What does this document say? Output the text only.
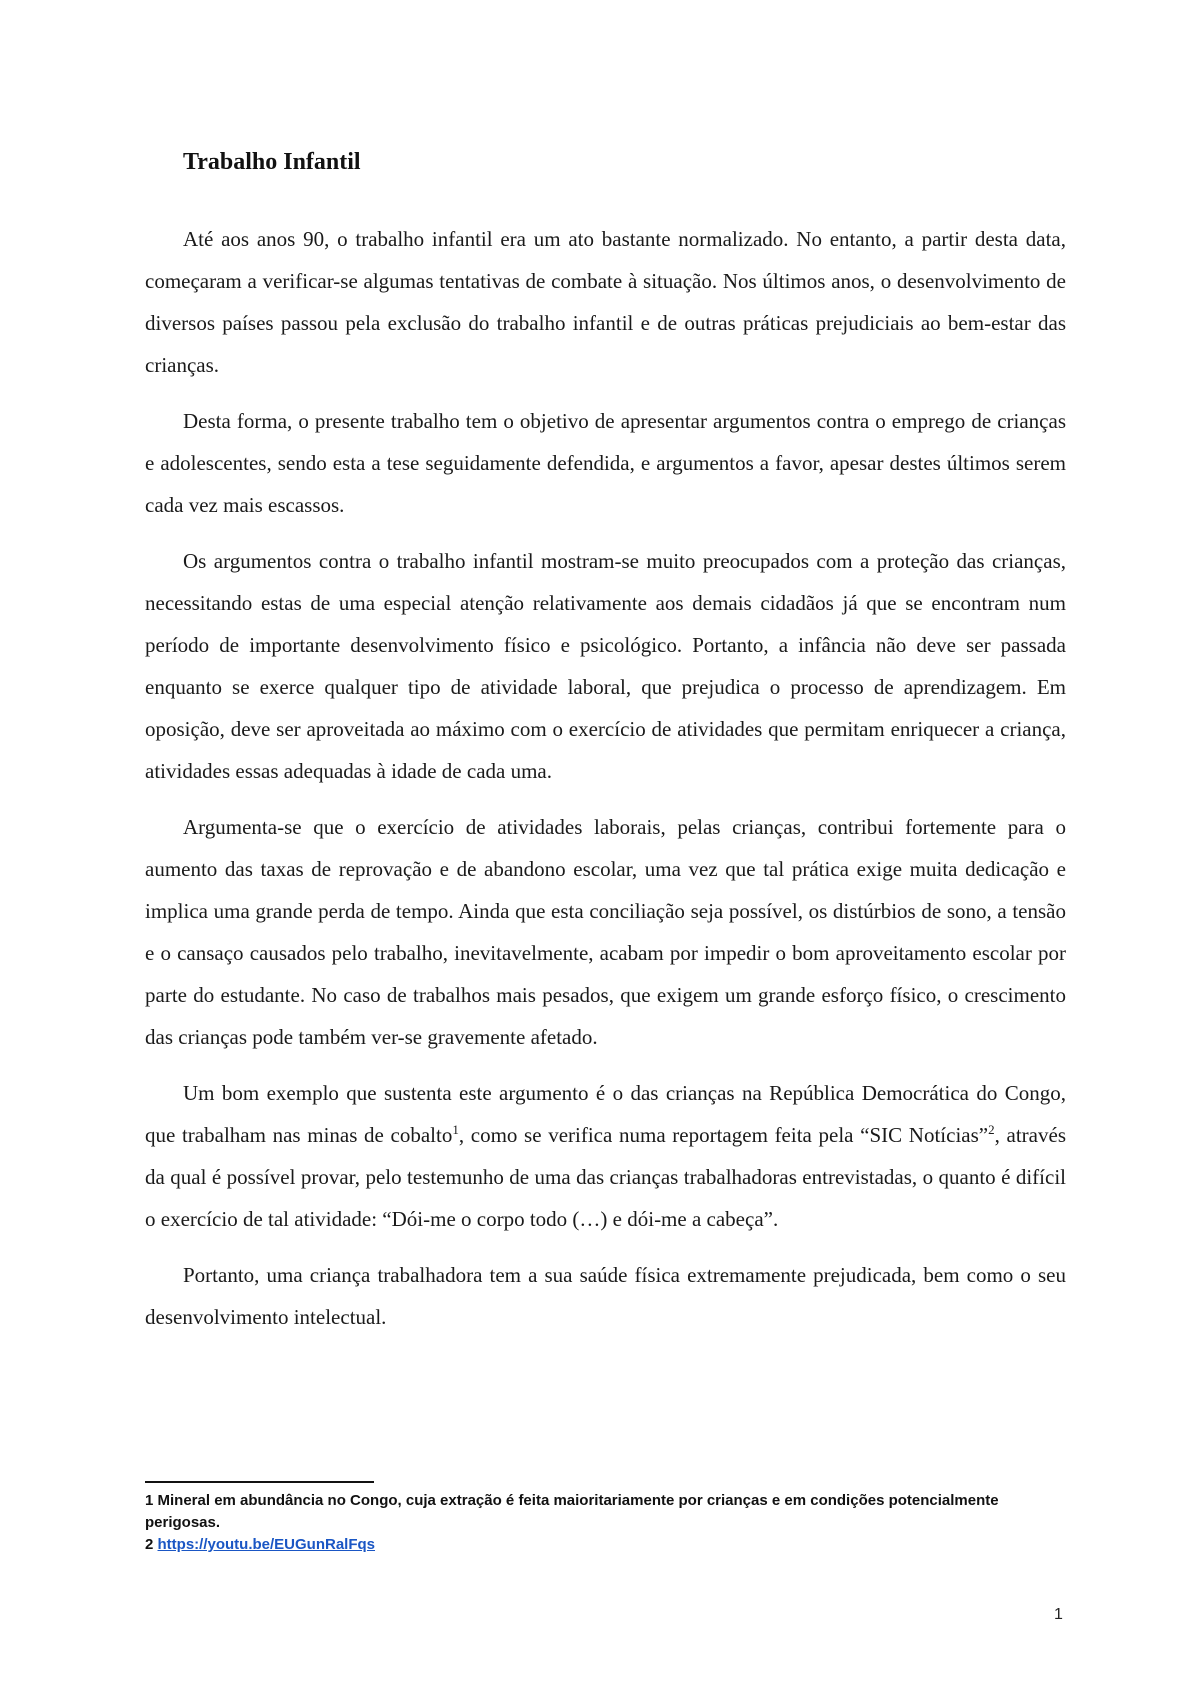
Trabalho Infantil

Até aos anos 90, o trabalho infantil era um ato bastante normalizado. No entanto, a partir desta data, começaram a verificar-se algumas tentativas de combate à situação. Nos últimos anos, o desenvolvimento de diversos países passou pela exclusão do trabalho infantil e de outras práticas prejudiciais ao bem-estar das crianças.

Desta forma, o presente trabalho tem o objetivo de apresentar argumentos contra o emprego de crianças e adolescentes, sendo esta a tese seguidamente defendida, e argumentos a favor, apesar destes últimos serem cada vez mais escassos.

Os argumentos contra o trabalho infantil mostram-se muito preocupados com a proteção das crianças, necessitando estas de uma especial atenção relativamente aos demais cidadãos já que se encontram num período de importante desenvolvimento físico e psicológico. Portanto, a infância não deve ser passada enquanto se exerce qualquer tipo de atividade laboral, que prejudica o processo de aprendizagem. Em oposição, deve ser aproveitada ao máximo com o exercício de atividades que permitam enriquecer a criança, atividades essas adequadas à idade de cada uma.

Argumenta-se que o exercício de atividades laborais, pelas crianças, contribui fortemente para o aumento das taxas de reprovação e de abandono escolar, uma vez que tal prática exige muita dedicação e implica uma grande perda de tempo. Ainda que esta conciliação seja possível, os distúrbios de sono, a tensão e o cansaço causados pelo trabalho, inevitavelmente, acabam por impedir o bom aproveitamento escolar por parte do estudante. No caso de trabalhos mais pesados, que exigem um grande esforço físico, o crescimento das crianças pode também ver-se gravemente afetado.

Um bom exemplo que sustenta este argumento é o das crianças na República Democrática do Congo, que trabalham nas minas de cobalto$^1$, como se verifica numa reportagem feita pela “SIC Notícias”$^2$, através da qual é possível provar, pelo testemunho de uma das crianças trabalhadoras entrevistadas, o quanto é difícil o exercício de tal atividade: “Dói-me o corpo todo (…) e dói-me a cabeça”.

Portanto, uma criança trabalhadora tem a sua saúde física extremamente prejudicada, bem como o seu desenvolvimento intelectual.

1 Mineral em abundância no Congo, cuja extração é feita maioritariamente por crianças e em condições potencialmente perigosas.

2 https://youtu.be/EUGunRalFqs

1
